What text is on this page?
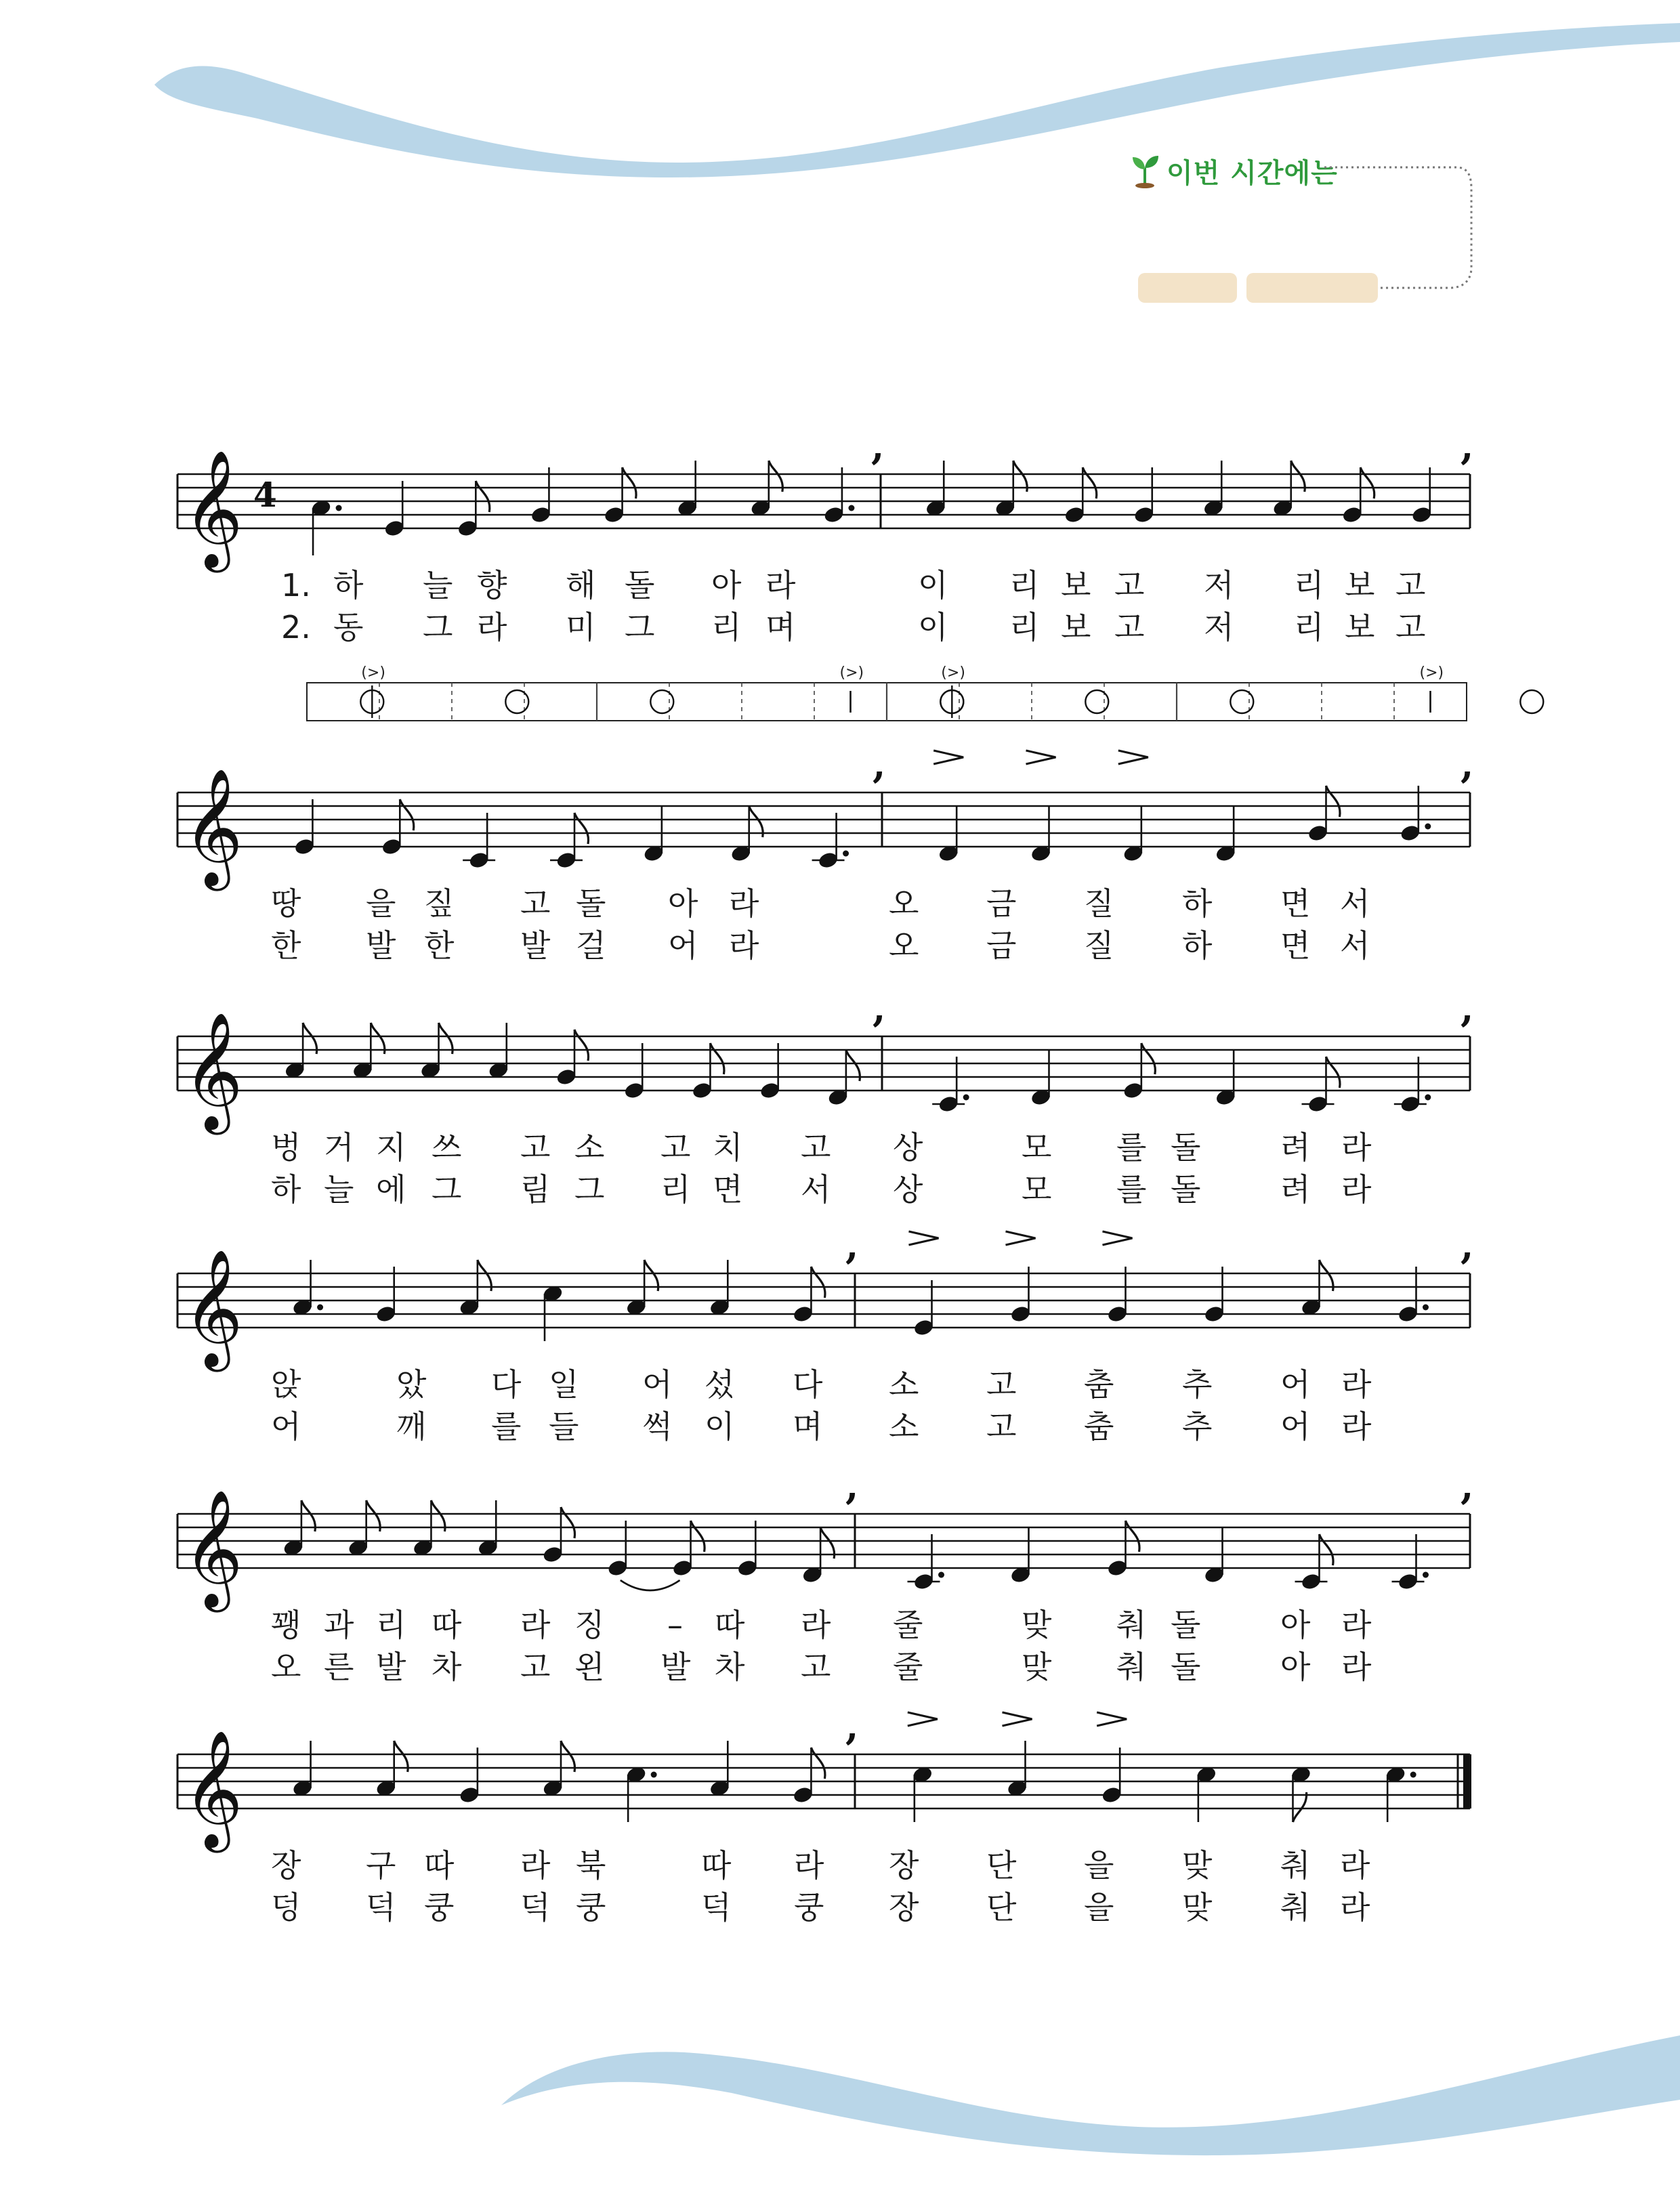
이번 시간에는
,	,
𝄞 4
1. 하 늘 향 해 돌 아 라	이 리 보 고 저 리 보 고
2. 동 그 라 미 그 리 며	이 리 보 고 저 리 보 고
(>)	(>)	(>)	(>)
,	,
𝄞
땅 을 짚 고 돌 아 라	오 금 질 하 면 서
한 발 한 발 걸 어 라	오 금 질 하 면 서
,	,
𝄞
벙 거 지 쓰 고 소 고 치 고 상	모 를 돌	려 라
하 늘 에 그 림 그 리 면 서 상	모 를 돌	려 라
,	,
𝄞
앉	았 다 일 어 섰 다 소 고 춤 추 어 라
어	깨 를 들 썩 이 며 소 고 춤 추 어 라
,	,
𝄞
꽹 과 리 따 라 징 – 따 라 줄	맞 춰 돌	아 라
오 른 발 차 고 왼 발 차 고 줄	맞 춰 돌	아 라
,
𝄞
장 구 따 라 북	따 라 장 단 을 맞 춰 라
덩 덕 쿵 덕 쿵	덕 쿵 장 단 을 맞 춰 라
